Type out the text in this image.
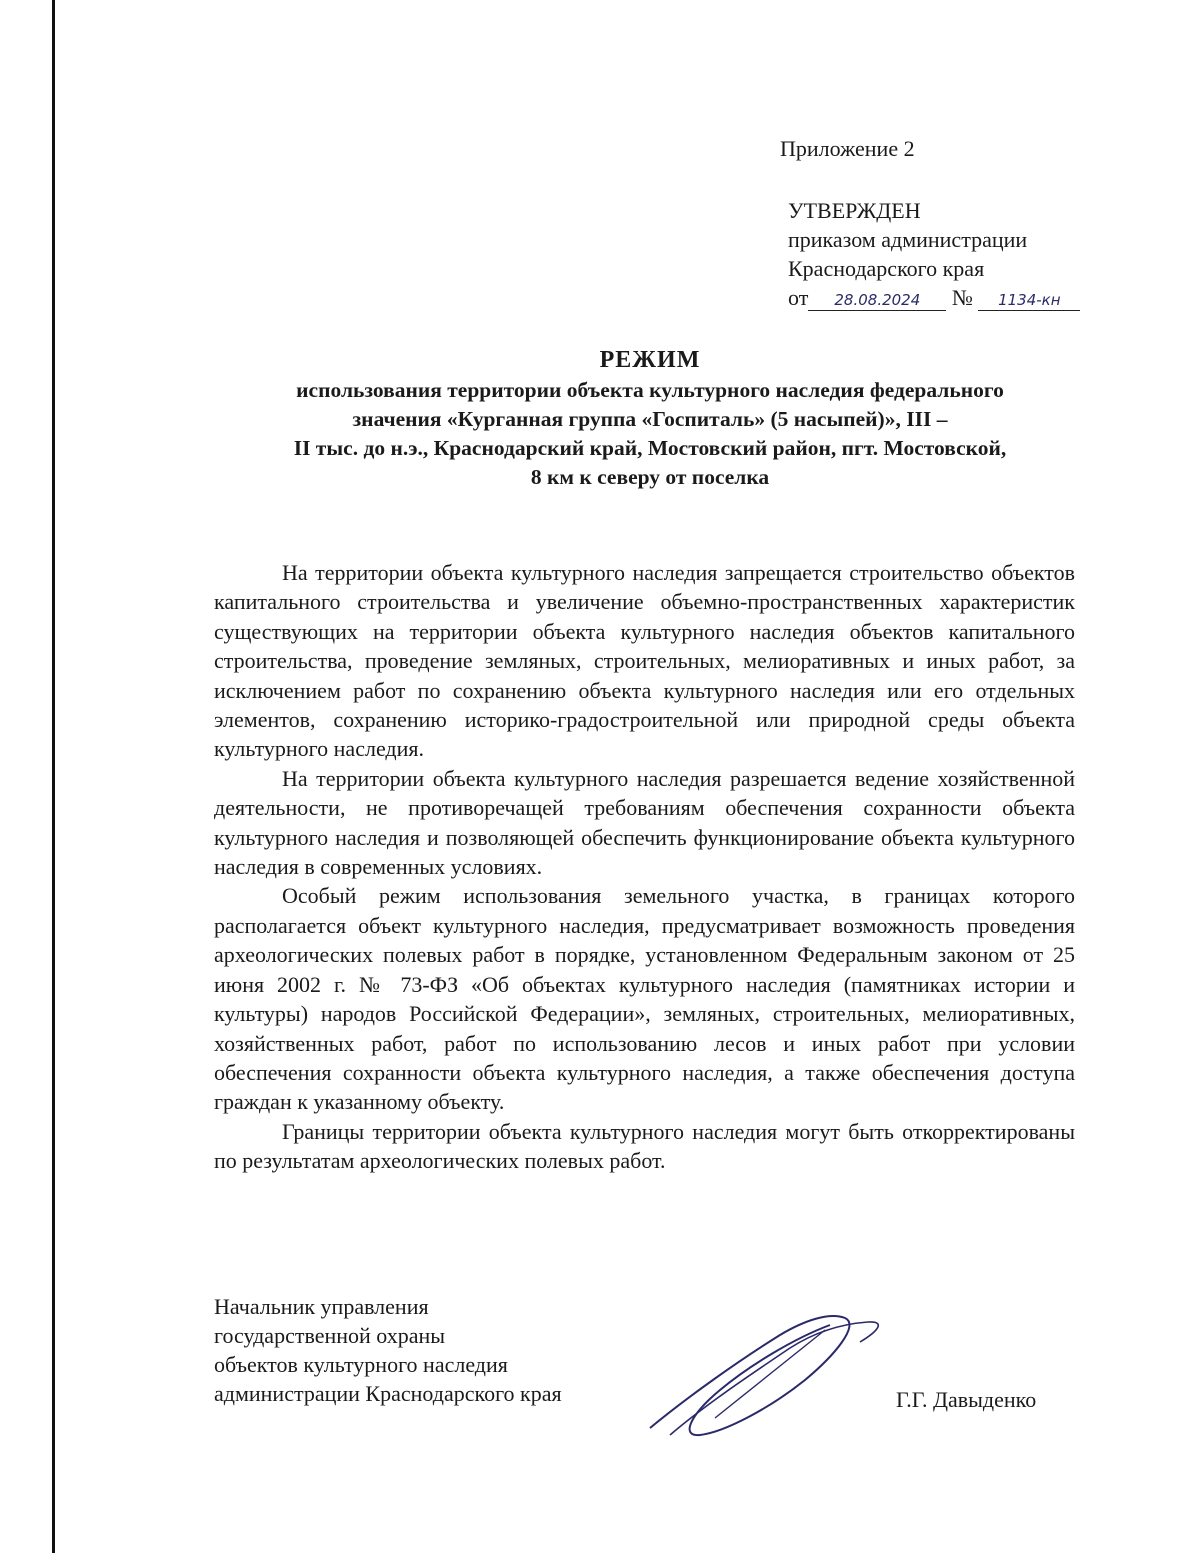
Приложение 2
УТВЕРЖДЕН
приказом администрации
Краснодарского края
от 28.08.2024 № 1134-кн
РЕЖИМ
использования территории объекта культурного наследия федерального
значения «Курганная группа «Госпиталь» (5 насыпей)», III –
II тыс. до н.э., Краснодарский край, Мостовский район, пгт. Мостовской,
8 км к северу от поселка

На территории объекта культурного наследия запрещается строительство объектов капитального строительства и увеличение объемно-пространственных характеристик существующих на территории объекта культурного наследия объектов капитального строительства, проведение земляных, строительных, мелиоративных и иных работ, за исключением работ по сохранению объекта культурного наследия или его отдельных элементов, сохранению историко-градостроительной или природной среды объекта культурного наследия.

На территории объекта культурного наследия разрешается ведение хозяйственной деятельности, не противоречащей требованиям обеспечения сохранности объекта культурного наследия и позволяющей обеспечить функционирование объекта культурного наследия в современных условиях.

Особый режим использования земельного участка, в границах которого располагается объект культурного наследия, предусматривает возможность проведения археологических полевых работ в порядке, установленном Федеральным законом от 25 июня 2002 г. № 73-ФЗ «Об объектах культурного наследия (памятниках истории и культуры) народов Российской Федерации», земляных, строительных, мелиоративных, хозяйственных работ, работ по использованию лесов и иных работ при условии обеспечения сохранности объекта культурного наследия, а также обеспечения доступа граждан к указанному объекту.

Границы территории объекта культурного наследия могут быть откорректированы по результатам археологических полевых работ.

Начальник управления
государственной охраны
объектов культурного наследия
администрации Краснодарского края	Г.Г. Давыденко
